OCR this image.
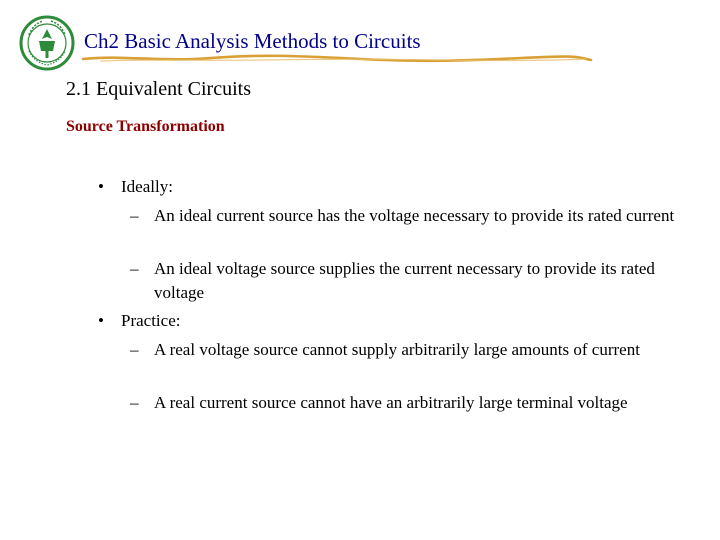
Ch2 Basic Analysis Methods to Circuits
2.1 Equivalent Circuits
Source Transformation
• Ideally:
– An ideal current source has the voltage necessary to provide its rated current
– An ideal voltage source supplies the current necessary to provide its rated voltage
• Practice:
– A real voltage source cannot supply arbitrarily large amounts of current
– A real current source cannot have an arbitrarily large terminal voltage
